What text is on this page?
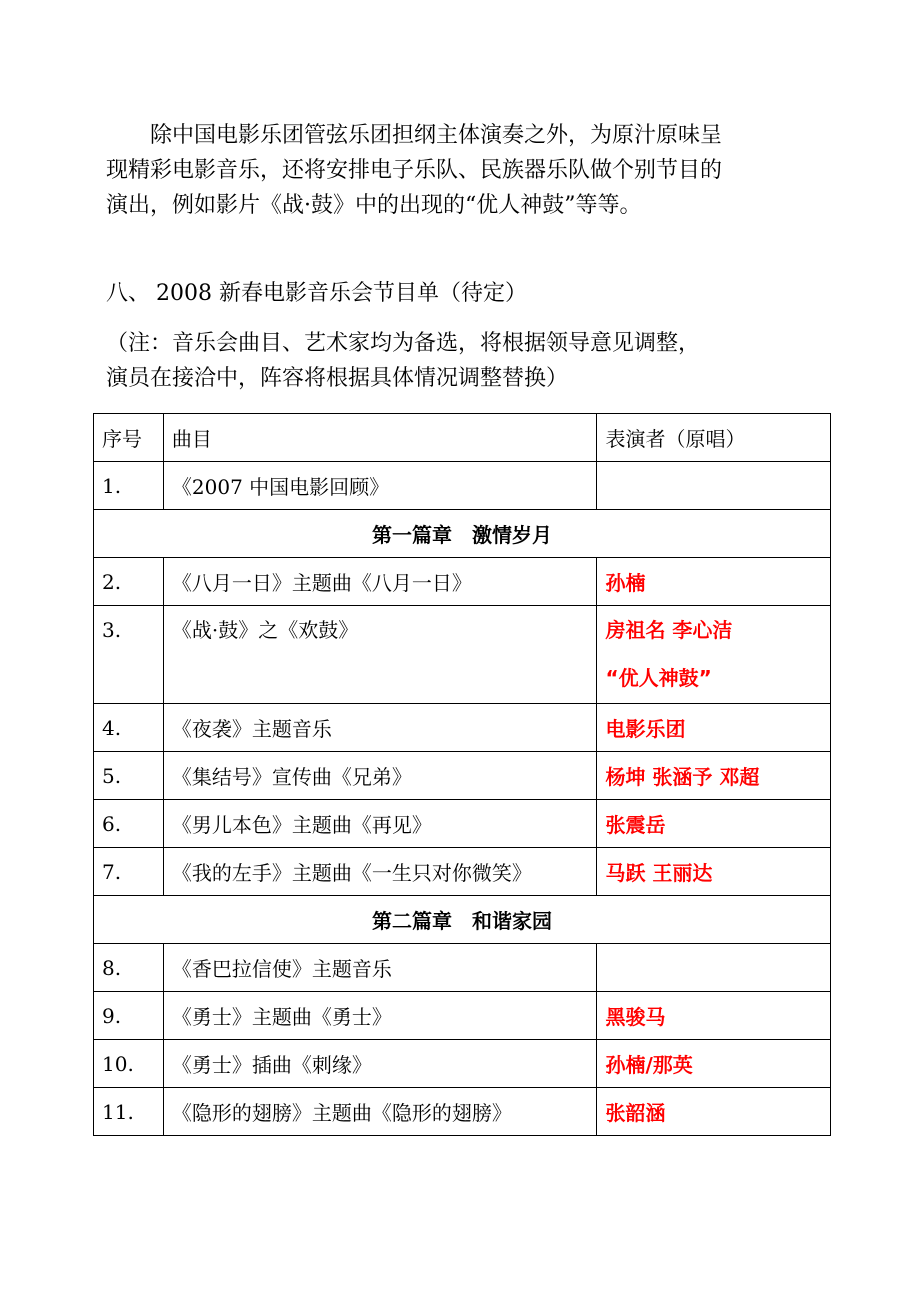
除中国电影乐团管弦乐团担纲主体演奏之外，为原汁原味呈
现精彩电影音乐，还将安排电子乐队、民族器乐队做个别节目的
演出，例如影片《战·鼓》中的出现的“优人神鼓”等等。

八、 2008 新春电影音乐会节目单（待定）

（注：音乐会曲目、艺术家均为备选，将根据领导意见调整，
演员在接洽中，阵容将根据具体情况调整替换）

序号	曲目	表演者（原唱）
1.	《2007 中国电影回顾》	
第一篇章　激情岁月		
2.	《八月一日》主题曲《八月一日》	孙楠

3.	《战·鼓》之《欢鼓》	房祖名 李心洁
“优人神鼓”

4.	《夜袭》主题音乐	电影乐团
5.	《集结号》宣传曲《兄弟》	杨坤 张涵予 邓超
6.	《男儿本色》主题曲《再见》	张震岳
7.	《我的左手》主题曲《一生只对你微笑》	马跃 王丽达
第二篇章　和谐家园		
8.	《香巴拉信使》主题音乐	
9.	《勇士》主题曲《勇士》	黑骏马
10.	《勇士》插曲《刺缘》	孙楠/那英
11.	《隐形的翅膀》主题曲《隐形的翅膀》	张韶涵
